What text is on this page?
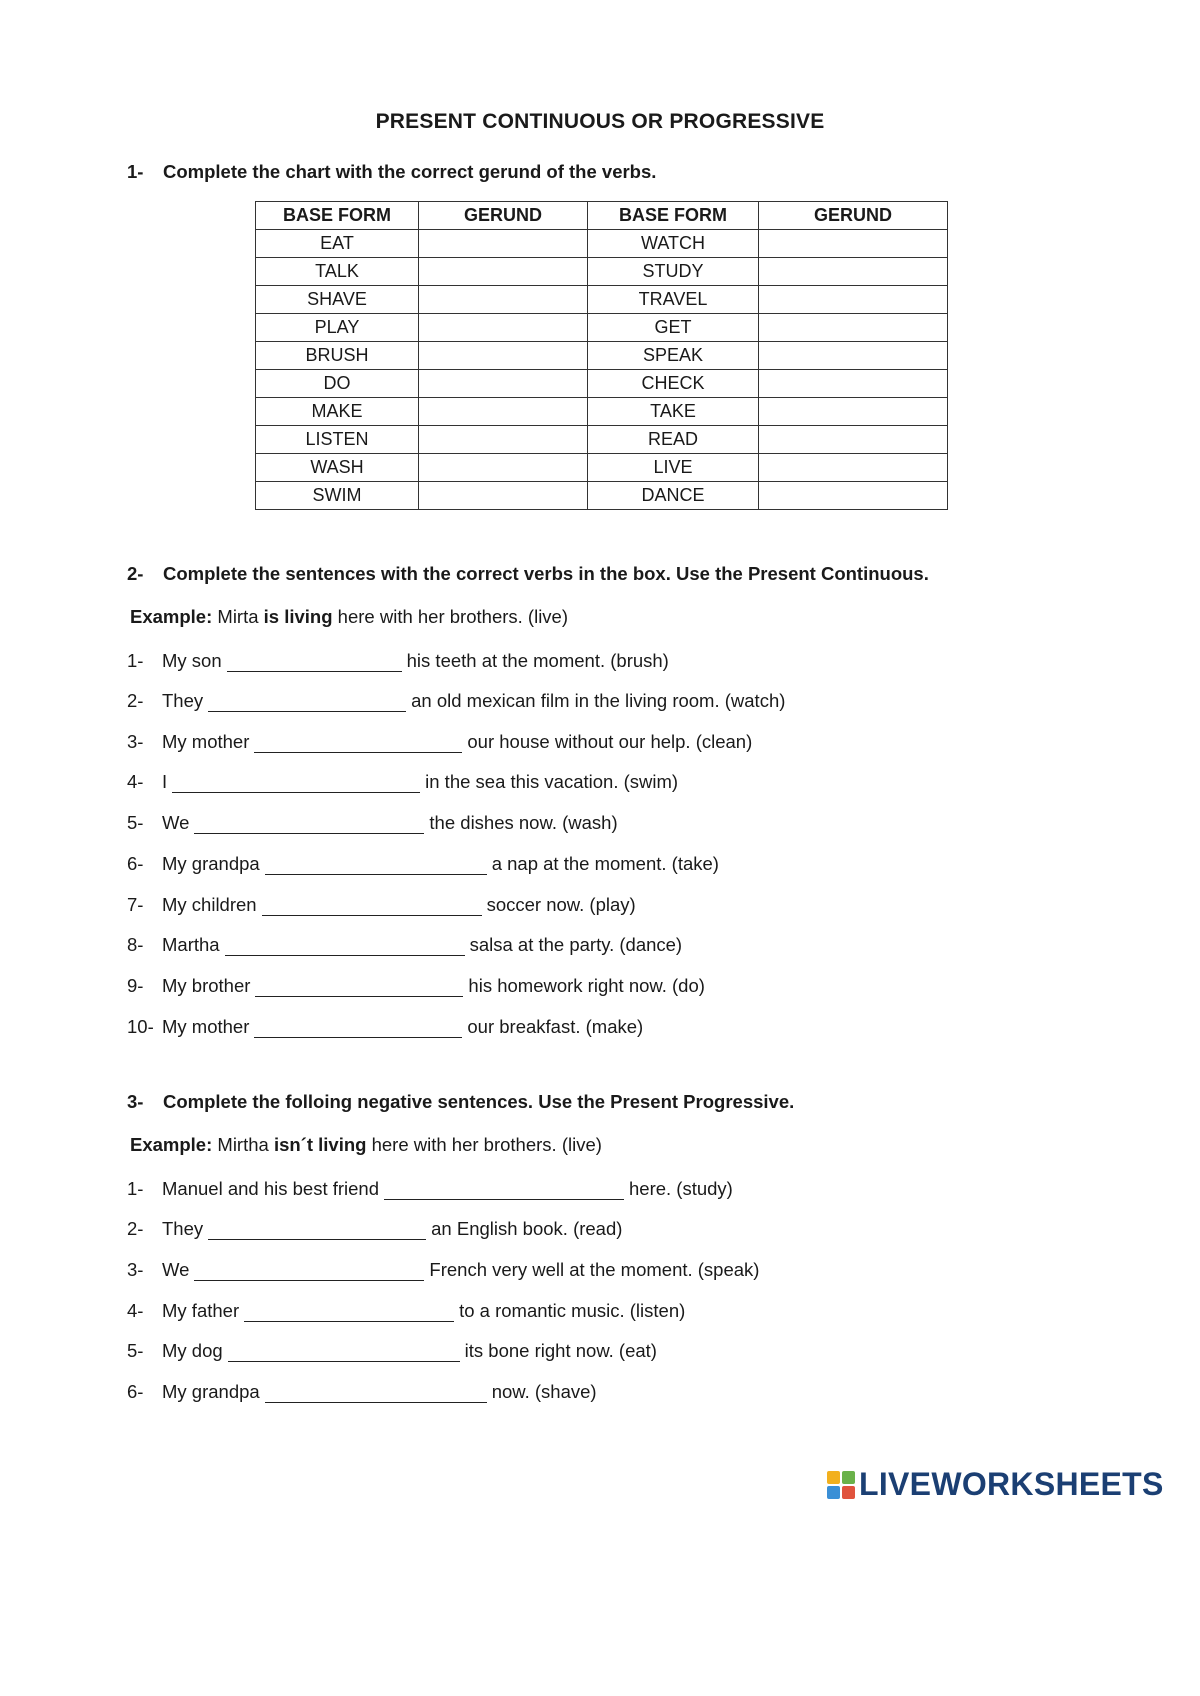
PRESENT CONTINUOUS OR PROGRESSIVE
1- Complete the chart with the correct gerund of the verbs.
BASE FORM	GERUND	BASE FORM	GERUND
EAT		WATCH	
TALK		STUDY	
SHAVE		TRAVEL	
PLAY		GET	
BRUSH		SPEAK	
DO		CHECK	
MAKE		TAKE	
LISTEN		READ	
WASH		LIVE	
SWIM		DANCE	
2- Complete the sentences with the correct verbs in the box. Use the Present Continuous.
Example: Mirta is living here with her brothers. (live)
1-	My son	his teeth at the moment. (brush)
2-	They	an old mexican film in the living room. (watch)
3-	My mother	our house without our help. (clean)
4-	I	in the sea this vacation. (swim)
5-	We	the dishes now. (wash)
6-	My grandpa	a nap at the moment. (take)
7-	My children	soccer now. (play)
8-	Martha	salsa at the party. (dance)
9-	My brother	his homework right now. (do)
10- My mother	our breakfast. (make)
3- Complete the folloing negative sentences. Use the Present Progressive.
Example: Mirtha isn´t living here with her brothers. (live)
1-	Manuel and his best friend	here. (study)
2-	They	an English book. (read)
3-	We	French very well at the moment. (speak)
4-	My father	to a romantic music. (listen)
5-	My dog	its bone right now. (eat)
6-	My grandpa	now. (shave)
LIVEWORKSHEETS
